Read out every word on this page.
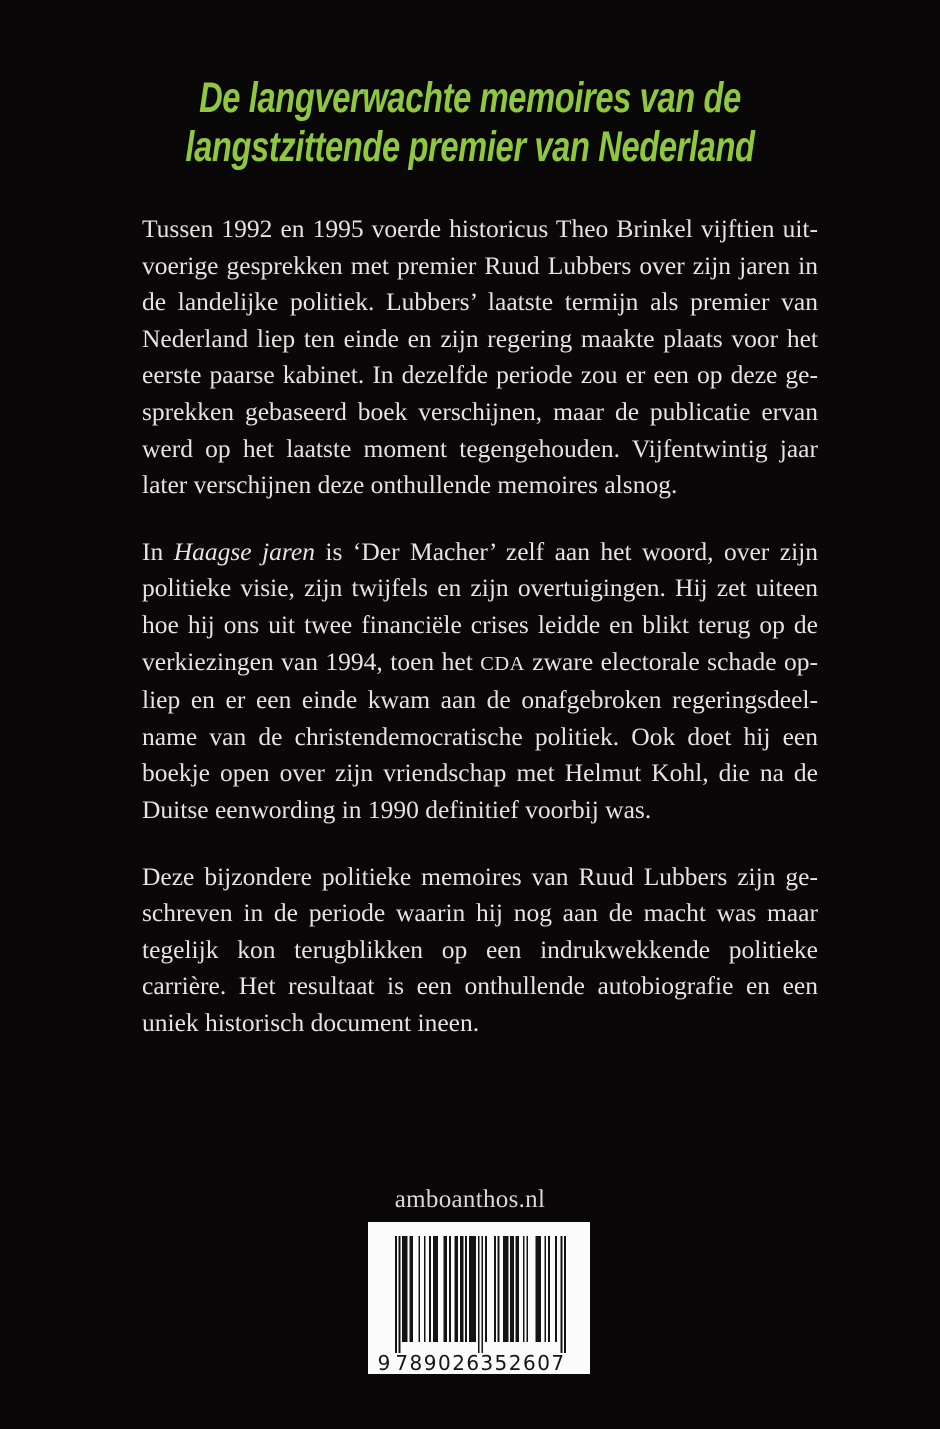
De langverwachte memoires van de
langstzittende premier van Nederland
Tussen 1992 en 1995 voerde historicus Theo Brinkel vijftien uit-
voerige gesprekken met premier Ruud Lubbers over zijn jaren in
de landelijke politiek. Lubbers’ laatste termijn als premier van
Nederland liep ten einde en zijn regering maakte plaats voor het
eerste paarse kabinet. In dezelfde periode zou er een op deze ge-
sprekken gebaseerd boek verschijnen, maar de publicatie ervan
werd op het laatste moment tegengehouden. Vijfentwintig jaar
later verschijnen deze onthullende memoires alsnog.
In Haagse jaren is ‘Der Macher’ zelf aan het woord, over zijn
politieke visie, zijn twijfels en zijn overtuigingen. Hij zet uiteen
hoe hij ons uit twee financiële crises leidde en blikt terug op de
verkiezingen van 1994, toen het CDA zware electorale schade op-
liep en er een einde kwam aan de onafgebroken regeringsdeel-
name van de christendemocratische politiek. Ook doet hij een
boekje open over zijn vriendschap met Helmut Kohl, die na de
Duitse eenwording in 1990 definitief voorbij was.
Deze bijzondere politieke memoires van Ruud Lubbers zijn ge-
schreven in de periode waarin hij nog aan de macht was maar
tegelijk kon terugblikken op een indrukwekkende politieke
carrière. Het resultaat is een onthullende autobiografie en een
uniek historisch document ineen.
amboanthos.nl
9 789026 352607
